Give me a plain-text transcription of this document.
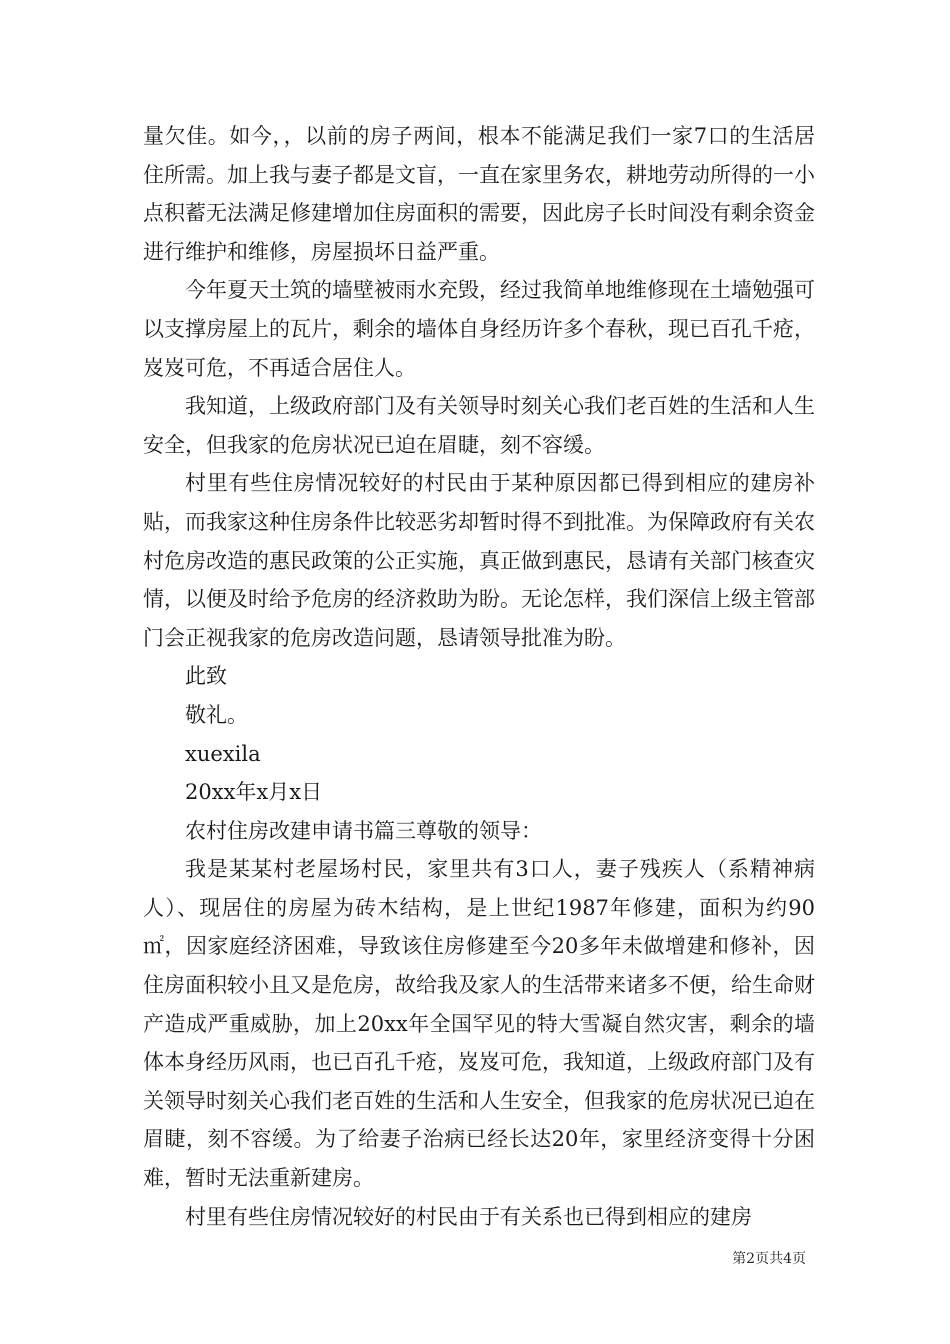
量欠佳。如今，，以前的房子两间，根本不能满足我们一家7口的生活居住所需。加上我与妻子都是文盲，一直在家里务农，耕地劳动所得的一小点积蓄无法满足修建增加住房面积的需要，因此房子长时间没有剩余资金进行维护和维修，房屋损坏日益严重。

今年夏天土筑的墙壁被雨水充毁，经过我简单地维修现在土墙勉强可以支撑房屋上的瓦片，剩余的墙体自身经历许多个春秋，现已百孔千疮，岌岌可危，不再适合居住人。

我知道，上级政府部门及有关领导时刻关心我们老百姓的生活和人生安全，但我家的危房状况已迫在眉睫，刻不容缓。

村里有些住房情况较好的村民由于某种原因都已得到相应的建房补贴，而我家这种住房条件比较恶劣却暂时得不到批准。为保障政府有关农村危房改造的惠民政策的公正实施，真正做到惠民，恳请有关部门核查灾情，以便及时给予危房的经济救助为盼。无论怎样，我们深信上级主管部门会正视我家的危房改造问题，恳请领导批准为盼。

此致

敬礼。

xuexila

20xx年x月x日

农村住房改建申请书篇三尊敬的领导：

我是某某村老屋场村民，家里共有3口人，妻子残疾人（系精神病人）、现居住的房屋为砖木结构，是上世纪1987年修建，面积为约90㎡，因家庭经济困难，导致该住房修建至今20多年未做增建和修补，因住房面积较小且又是危房，故给我及家人的生活带来诸多不便，给生命财产造成严重威胁，加上20xx年全国罕见的特大雪凝自然灾害，剩余的墙体本身经历风雨，也已百孔千疮，岌岌可危，我知道，上级政府部门及有关领导时刻关心我们老百姓的生活和人生安全，但我家的危房状况已迫在眉睫，刻不容缓。为了给妻子治病已经长达20年，家里经济变得十分困难，暂时无法重新建房。

村里有些住房情况较好的村民由于有关系也已得到相应的建房

第2页共4页
